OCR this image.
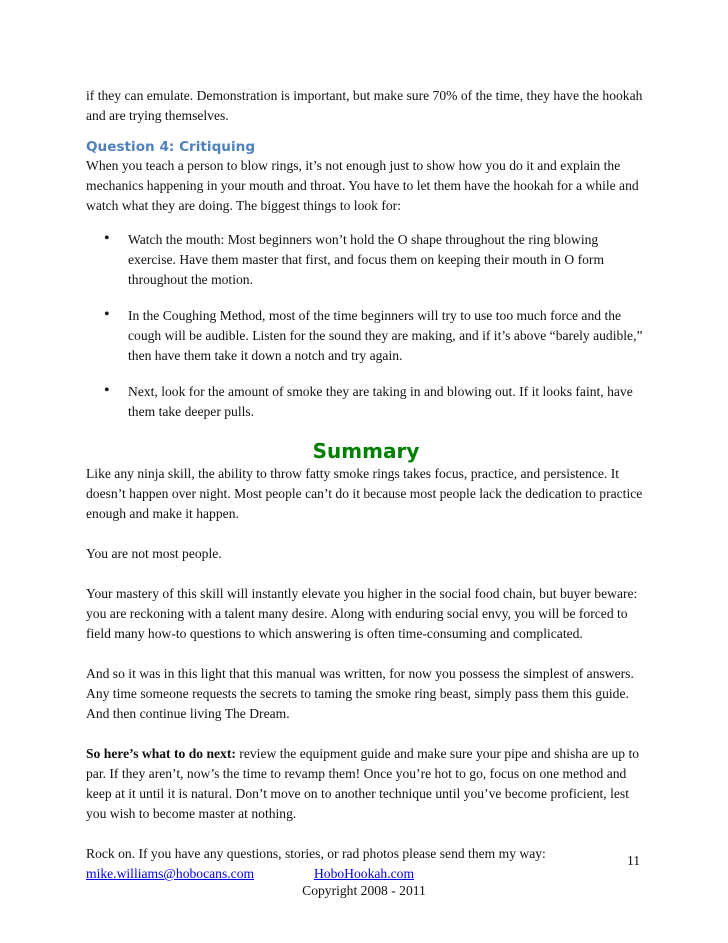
if they can emulate. Demonstration is important, but make sure 70% of the time, they have the hookah and are trying themselves.

Question 4: Critiquing

When you teach a person to blow rings, it’s not enough just to show how you do it and explain the mechanics happening in your mouth and throat. You have to let them have the hookah for a while and watch what they are doing. The biggest things to look for:

• Watch the mouth: Most beginners won’t hold the O shape throughout the ring blowing exercise. Have them master that first, and focus them on keeping their mouth in O form throughout the motion.
• In the Coughing Method, most of the time beginners will try to use too much force and the cough will be audible. Listen for the sound they are making, and if it’s above “barely audible,” then have them take it down a notch and try again.
• Next, look for the amount of smoke they are taking in and blowing out. If it looks faint, have them take deeper pulls.
Summary

Like any ninja skill, the ability to throw fatty smoke rings takes focus, practice, and persistence. It doesn’t happen over night. Most people can’t do it because most people lack the dedication to practice enough and make it happen.

You are not most people.

Your mastery of this skill will instantly elevate you higher in the social food chain, but buyer beware: you are reckoning with a talent many desire. Along with enduring social envy, you will be forced to field many how-to questions to which answering is often time-consuming and complicated.

And so it was in this light that this manual was written, for now you possess the simplest of answers. Any time someone requests the secrets to taming the smoke ring beast, simply pass them this guide. And then continue living The Dream.

So here’s what to do next: review the equipment guide and make sure your pipe and shisha are up to par. If they aren’t, now’s the time to revamp them! Once you’re hot to go, focus on one method and keep at it until it is natural. Don’t move on to another technique until you’ve become proficient, lest you wish to become master at nothing.

Rock on. If you have any questions, stories, or rad photos please send them my way:

mike.williams@hobocans.com

11
HoboHookah.com
Copyright 2008 - 2011
